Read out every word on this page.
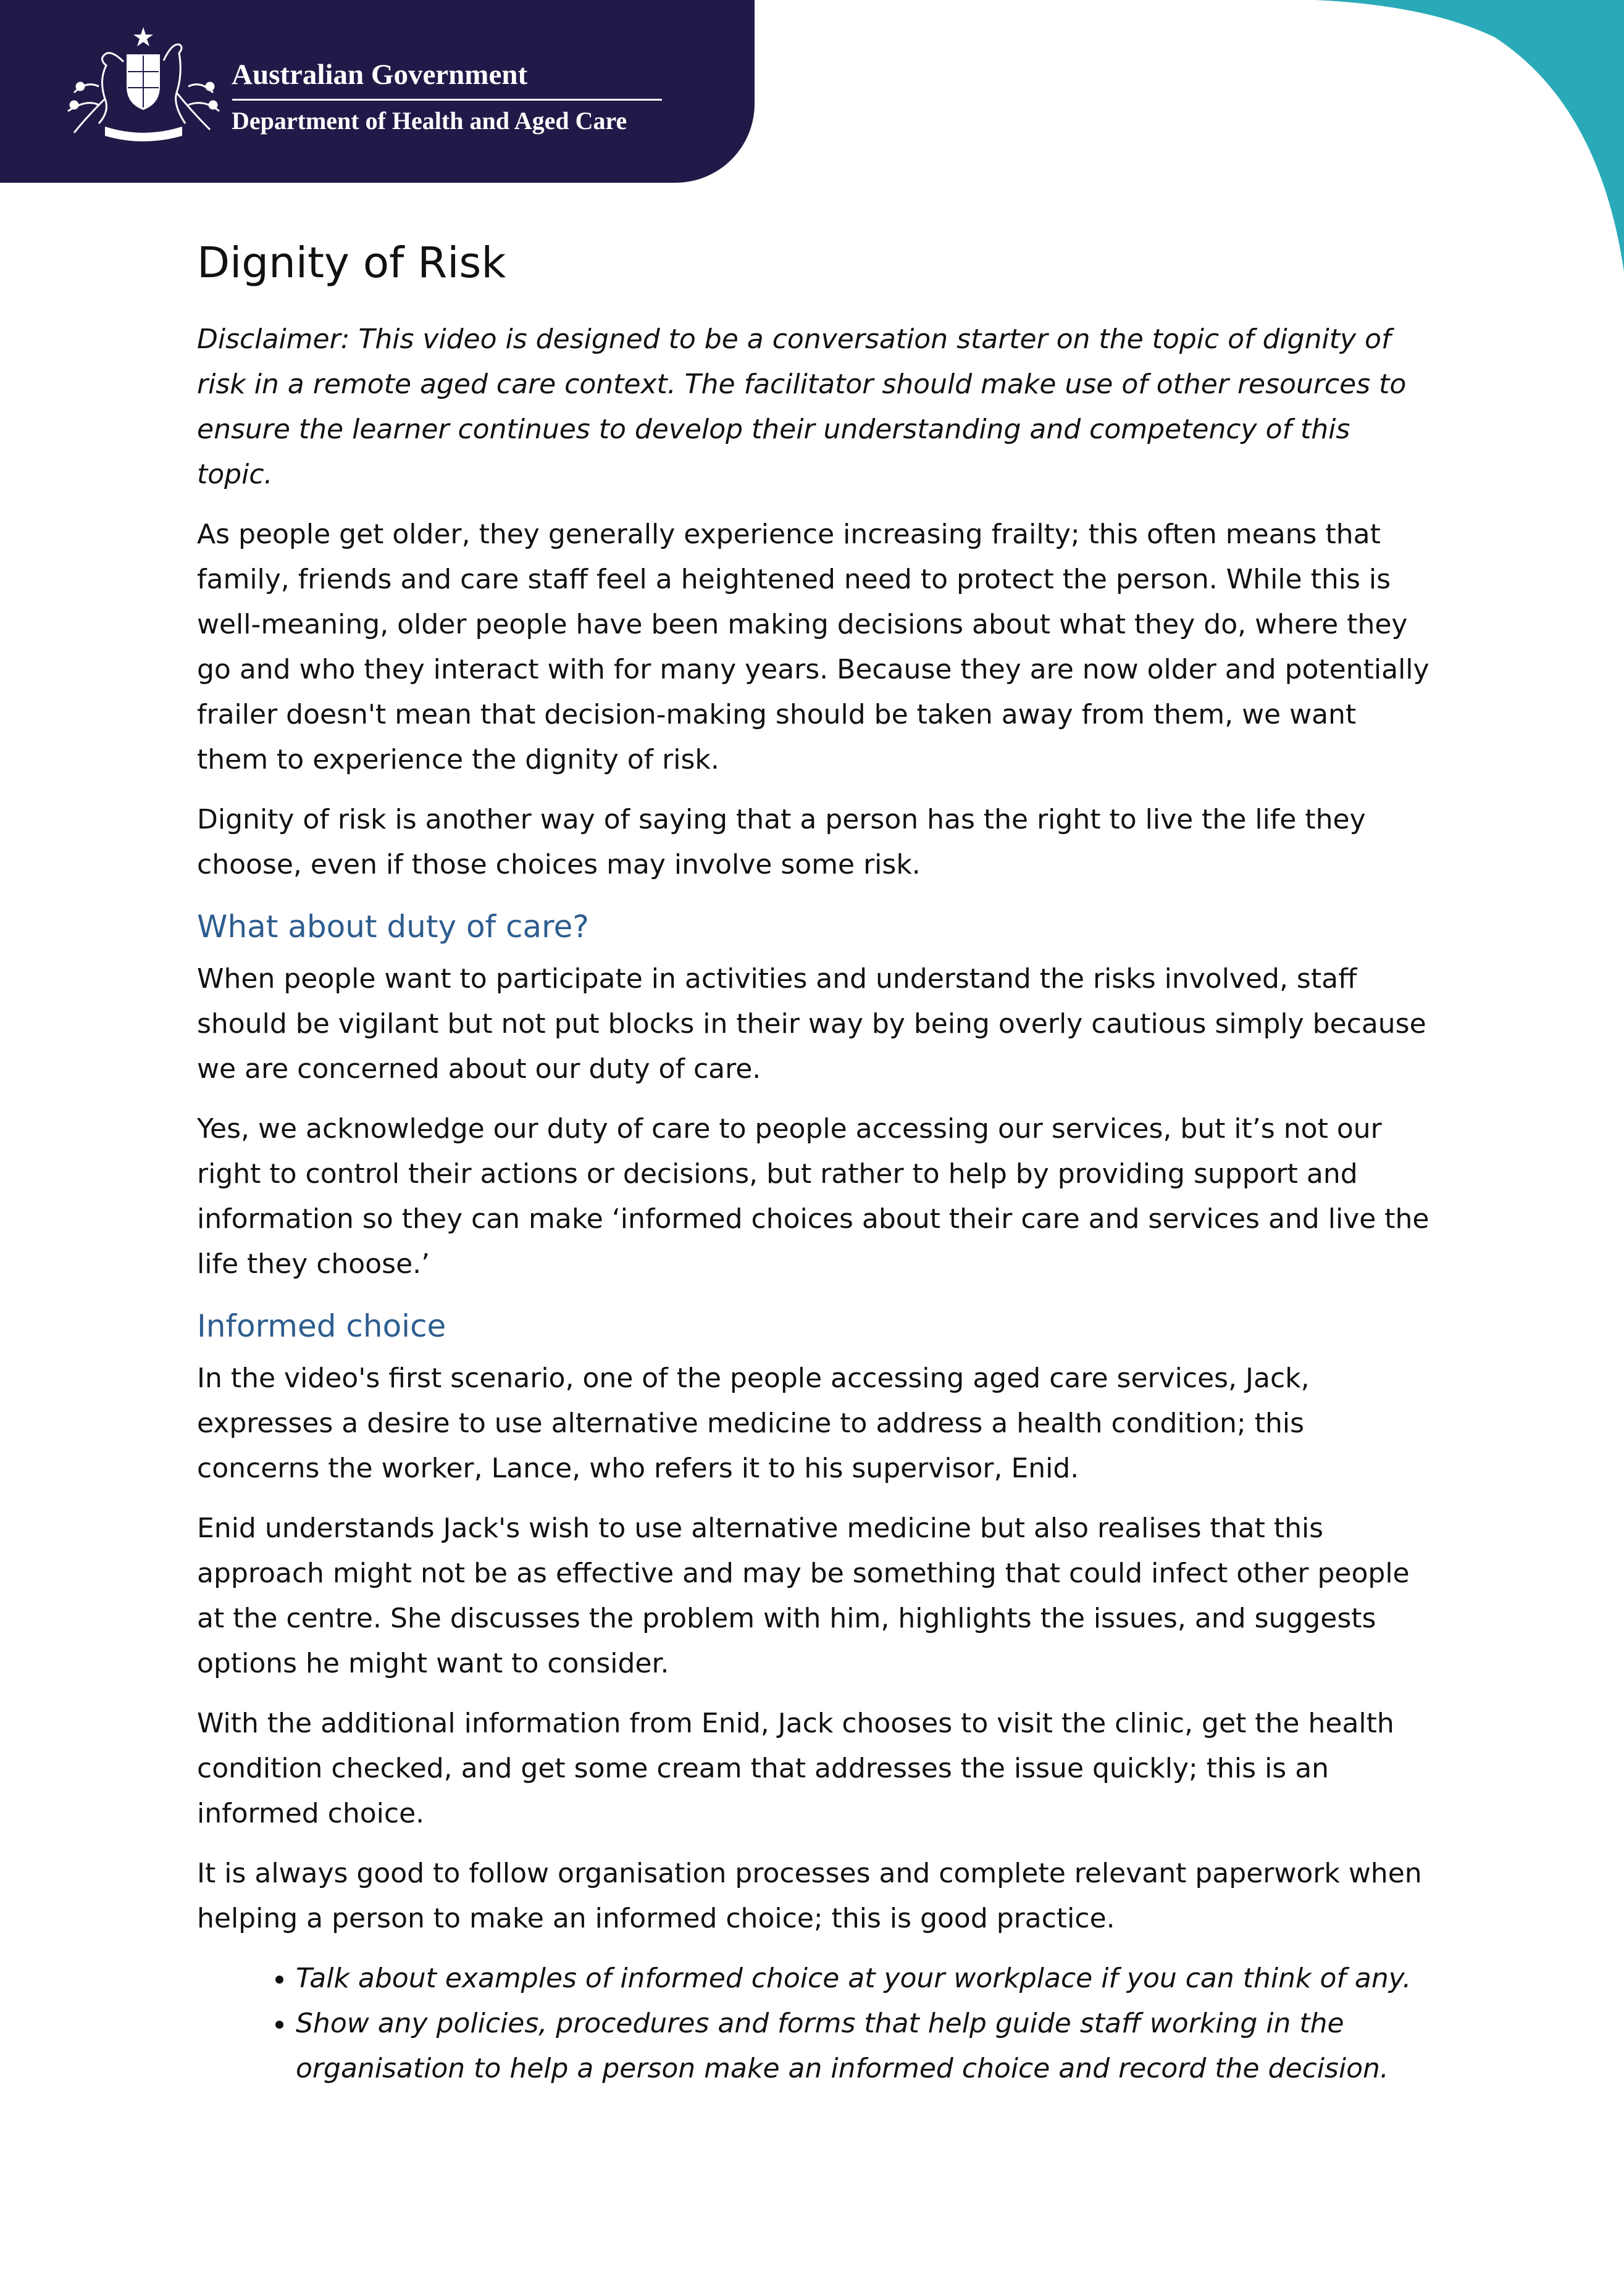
Australian Government
Department of Health and Aged Care
Dignity of Risk

Disclaimer: This video is designed to be a conversation starter on the topic of dignity of risk in a remote aged care context. The facilitator should make use of other resources to ensure the learner continues to develop their understanding and competency of this topic.

As people get older, they generally experience increasing frailty; this often means that family, friends and care staff feel a heightened need to protect the person. While this is well-meaning, older people have been making decisions about what they do, where they go and who they interact with for many years. Because they are now older and potentially frailer doesn't mean that decision-making should be taken away from them, we want them to experience the dignity of risk.

Dignity of risk is another way of saying that a person has the right to live the life they choose, even if those choices may involve some risk.

What about duty of care?

When people want to participate in activities and understand the risks involved, staff should be vigilant but not put blocks in their way by being overly cautious simply because we are concerned about our duty of care.

Yes, we acknowledge our duty of care to people accessing our services, but it’s not our right to control their actions or decisions, but rather to help by providing support and information so they can make ‘informed choices about their care and services and live the life they choose.’

Informed choice

In the video's first scenario, one of the people accessing aged care services, Jack, expresses a desire to use alternative medicine to address a health condition; this concerns the worker, Lance, who refers it to his supervisor, Enid.

Enid understands Jack's wish to use alternative medicine but also realises that this approach might not be as effective and may be something that could infect other people at the centre. She discusses the problem with him, highlights the issues, and suggests options he might want to consider.

With the additional information from Enid, Jack chooses to visit the clinic, get the health condition checked, and get some cream that addresses the issue quickly; this is an informed choice.

It is always good to follow organisation processes and complete relevant paperwork when helping a person to make an informed choice; this is good practice.

• Talk about examples of informed choice at your workplace if you can think of any.
• Show any policies, procedures and forms that help guide staff working in the organisation to help a person make an informed choice and record the decision.
